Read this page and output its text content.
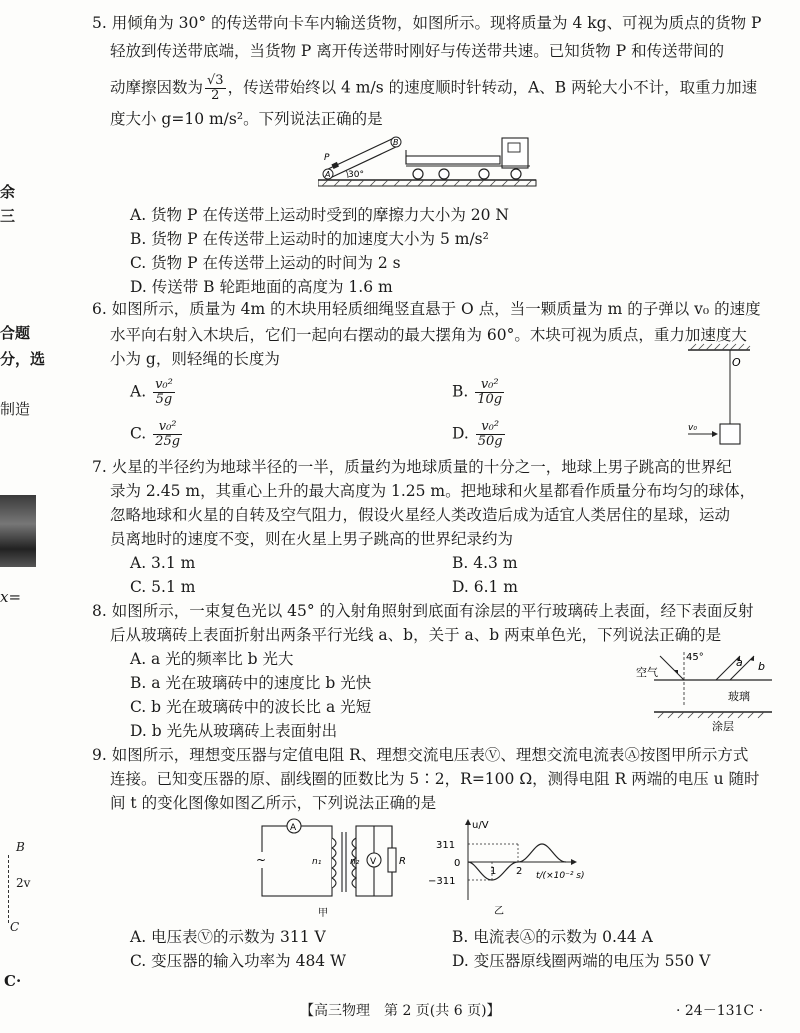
余
三
合题
分，选
制造
x=
B
2v
C
C·
5. 用倾角为 30° 的传送带向卡车内输送货物，如图所示。现将质量为 4 kg、可视为质点的货物 P
轻放到传送带底端，当货物 P 离开传送带时刚好与传送带共速。已知货物 P 和传送带间的
动摩擦因数为 $\frac{√3}{2}$ ，传送带始终以 4 m/s 的速度顺时针转动，A、B 两轮大小不计，取重力加速
度大小 g=10 m/s²。下列说法正确的是
A
B
P
30°
A. 货物 P 在传送带上运动时受到的摩擦力大小为 20 N
B. 货物 P 在传送带上运动时的加速度大小为 5 m/s²
C. 货物 P 在传送带上运动的时间为 2 s
D. 传送带 B 轮距地面的高度为 1.6 m
6. 如图所示，质量为 4m 的木块用轻质细绳竖直悬于 O 点，当一颗质量为 m 的子弹以 v₀ 的速度
水平向右射入木块后，它们一起向右摆动的最大摆角为 60°。木块可视为质点，重力加速度大
小为 g，则轻绳的长度为
A. $\frac{\text{v₀²}}{5g}$	B. $\frac{\text{v₀²}}{10g}$
C. $\frac{\text{v₀²}}{25g}$	D. $\frac{\text{v₀²}}{50g}$
O
v₀
7. 火星的半径约为地球半径的一半，质量约为地球质量的十分之一，地球上男子跳高的世界纪
录为 2.45 m，其重心上升的最大高度为 1.25 m。把地球和火星都看作质量分布均匀的球体，
忽略地球和火星的自转及空气阻力，假设火星经人类改造后成为适宜人类居住的星球，运动
员离地时的速度不变，则在火星上男子跳高的世界纪录约为
A. 3.1 m	B. 4.3 m
C. 5.1 m	D. 6.1 m
8. 如图所示，一束复色光以 45° 的入射角照射到底面有涂层的平行玻璃砖上表面，经下表面反射
后从玻璃砖上表面折射出两条平行光线 a、b，关于 a、b 两束单色光，下列说法正确的是
A. a 光的频率比 b 光大
B. a 光在玻璃砖中的速度比 b 光快
C. b 光在玻璃砖中的波长比 a 光短
D. b 光先从玻璃砖上表面射出
45°
空气
a b
玻璃
涂层
9. 如图所示，理想变压器与定值电阻 R、理想交流电压表Ⓥ、理想交流电流表Ⓐ按图甲所示方式
连接。已知变压器的原、副线圈的匝数比为 5∶2，R=100 Ω，测得电阻 R 两端的电压 u 随时
间 t 的变化图像如图乙所示，下列说法正确的是
A
~	n₁	n₂ V R
甲
u/V
311
0
−311
1 2 t/(×10⁻² s)
乙
A. 电压表Ⓥ的示数为 311 V	B. 电流表Ⓐ的示数为 0.44 A
C. 变压器的输入功率为 484 W	D. 变压器原线圈两端的电压为 550 V
【高三物理　第 2 页(共 6 页)】	· 24－131C ·
